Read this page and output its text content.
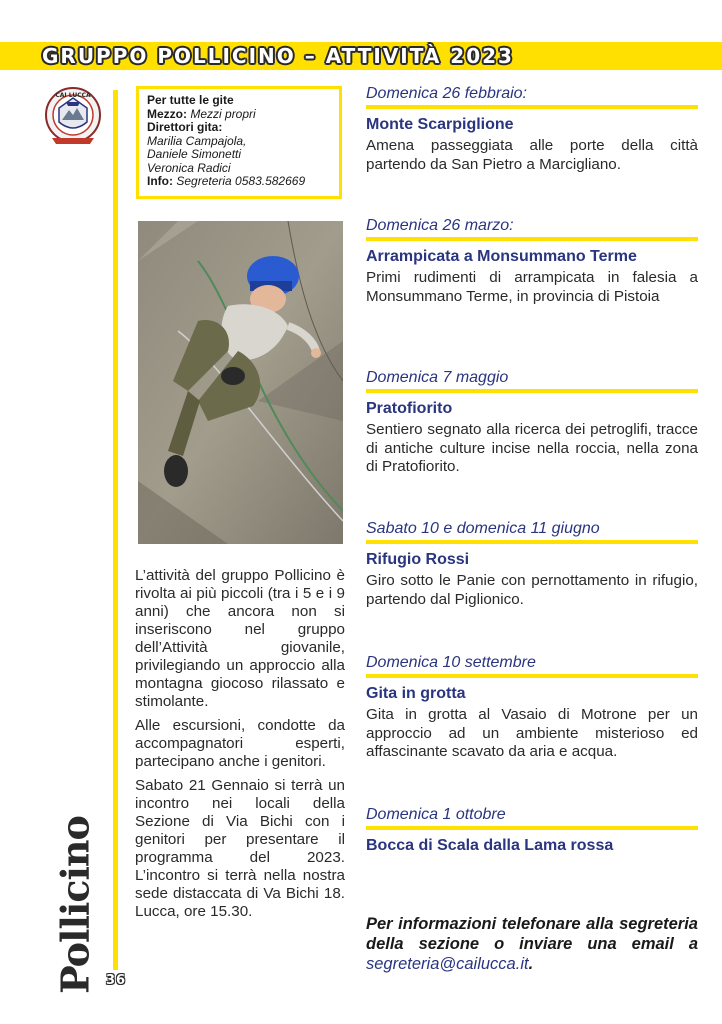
GRUPPO POLLICINO – ATTIVITÀ 2023
CAI LUCCA	Per tutte le gite
Mezzo: Mezzi propri
Direttori gita:
Marilia Campajola,
Daniele Simonetti
Veronica Radici
Info: Segreteria 0583.582669

L’attività del gruppo Pollicino è rivolta ai più piccoli (tra i 5 e i 9 anni) che ancora non si inseriscono nel gruppo dell’Attività giovanile, privilegiando un approccio alla montagna giocoso rilassato e stimolante.

Alle escursioni, condotte da accompagnatori esperti, partecipano anche i genitori.

Sabato 21 Gennaio si terrà un incontro nei locali della Sezione di Via Bichi con i genitori per presentare il programma del 2023. L’incontro si terrà nella nostra sede distaccata di Va Bichi 18. Lucca, ore 15.30.

Pollicino 36
Domenica 26 febbraio:
Monte Scarpiglione
Amena passeggiata alle porte della città partendo da San Pietro a Marcigliano.
Domenica 26 marzo:
Arrampicata a Monsummano Terme
Primi rudimenti di arrampicata in falesia a Monsummano Terme, in provincia di Pistoia
Domenica 7 maggio
Pratofiorito
Sentiero segnato alla ricerca dei petroglifi, tracce di antiche culture incise nella roccia, nella zona di Pratofiorito.
Sabato 10 e domenica 11 giugno
Rifugio Rossi
Giro sotto le Panie con pernottamento in rifugio, partendo dal Piglionico.
Domenica 10 settembre
Gita in grotta
Gita in grotta al Vasaio di Motrone per un approccio ad un ambiente misterioso ed affascinante scavato da aria e acqua.
Domenica 1 ottobre
Bocca di Scala dalla Lama rossa
Per informazioni telefonare alla segreteria della sezione o inviare una email a segreteria@cailucca.it.
